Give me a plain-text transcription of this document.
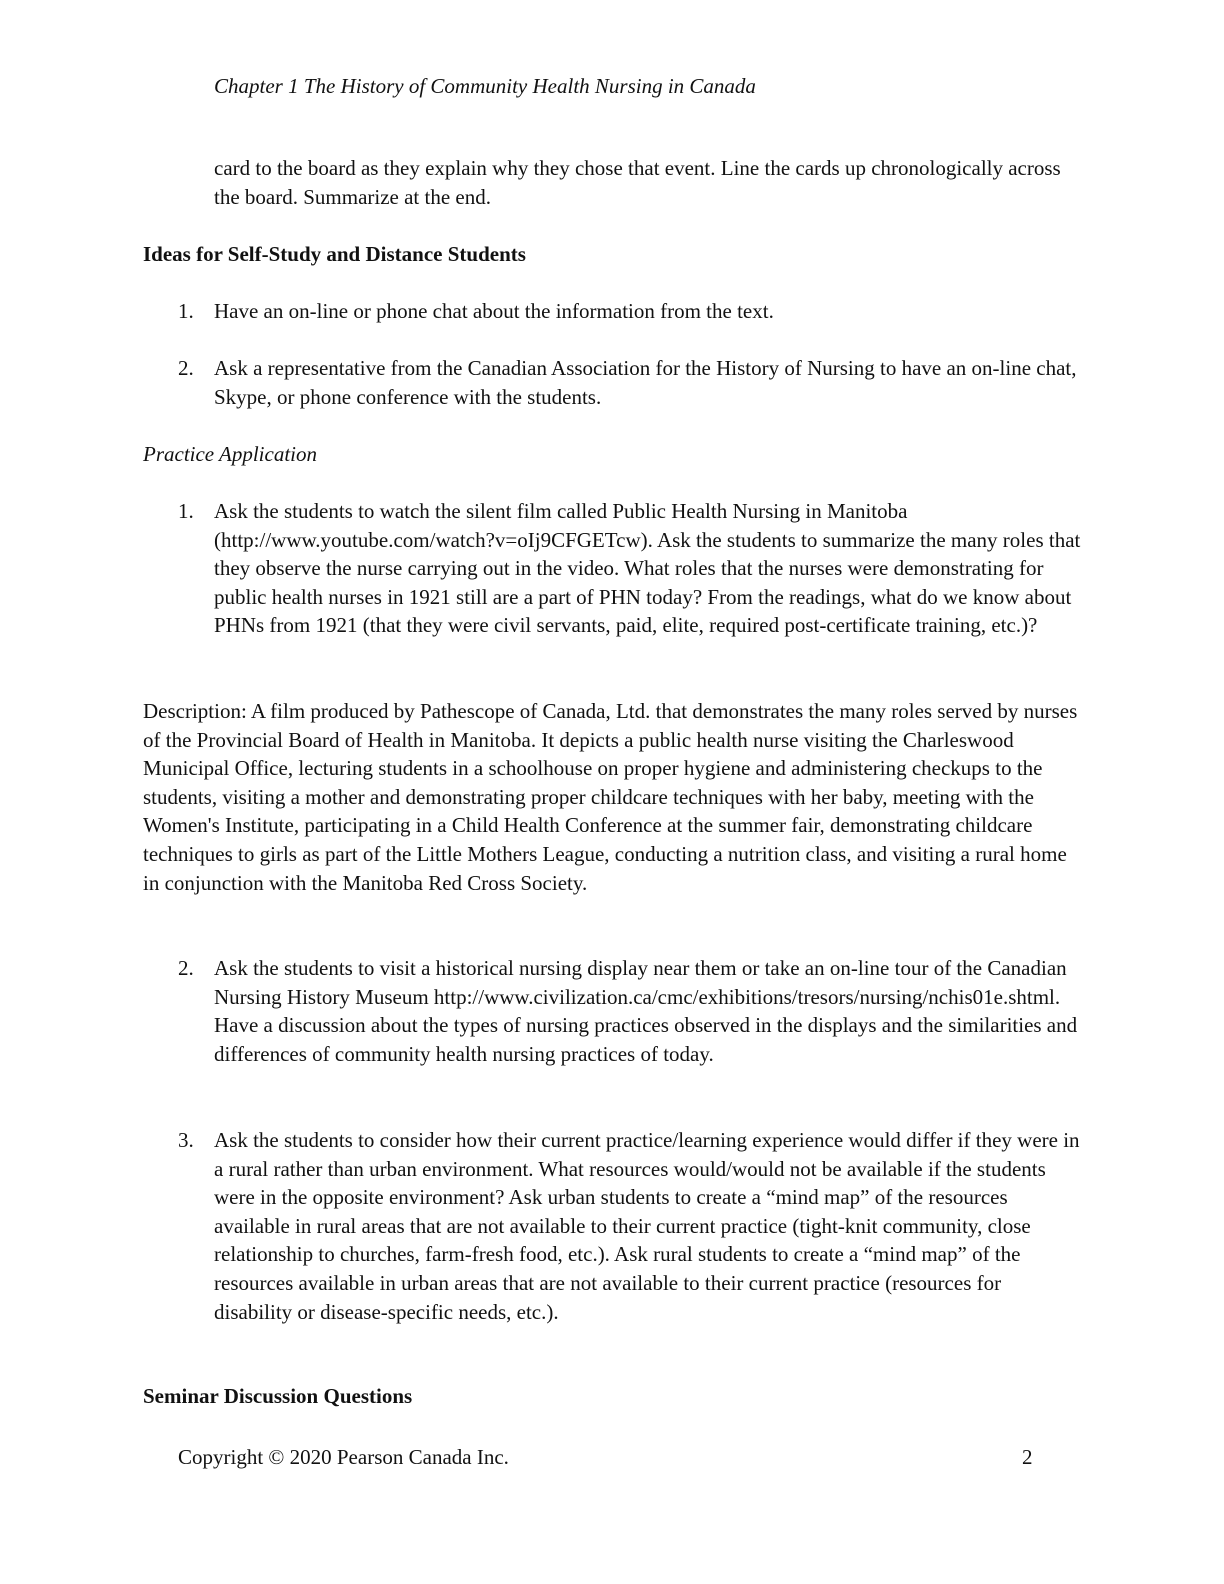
Chapter 1 The History of Community Health Nursing in Canada

card to the board as they explain why they chose that event. Line the cards up chronologically across the board. Summarize at the end.

Ideas for Self-Study and Distance Students
1. Have an on-line or phone chat about the information from the text.

2. Ask a representative from the Canadian Association for the History of Nursing to have an on-line chat, Skype, or phone conference with the students.

Practice Application
1. Ask the students to watch the silent film called Public Health Nursing in Manitoba (http://www.youtube.com/watch?v=oIj9CFGETcw). Ask the students to summarize the many roles that they observe the nurse carrying out in the video. What roles that the nurses were demonstrating for public health nurses in 1921 still are a part of PHN today? From the readings, what do we know about PHNs from 1921 (that they were civil servants, paid, elite, required post-certificate training, etc.)?

Description: A film produced by Pathescope of Canada, Ltd. that demonstrates the many roles served by nurses of the Provincial Board of Health in Manitoba. It depicts a public health nurse visiting the Charleswood Municipal Office, lecturing students in a schoolhouse on proper hygiene and administering checkups to the students, visiting a mother and demonstrating proper childcare techniques with her baby, meeting with the Women's Institute, participating in a Child Health Conference at the summer fair, demonstrating childcare techniques to girls as part of the Little Mothers League, conducting a nutrition class, and visiting a rural home in conjunction with the Manitoba Red Cross Society.

2. Ask the students to visit a historical nursing display near them or take an on-line tour of the Canadian Nursing History Museum http://www.civilization.ca/cmc/exhibitions/tresors/nursing/nchis01e.shtml. Have a discussion about the types of nursing practices observed in the displays and the similarities and differences of community health nursing practices of today.

3. Ask the students to consider how their current practice/learning experience would differ if they were in a rural rather than urban environment. What resources would/would not be available if the students were in the opposite environment? Ask urban students to create a “mind map” of the resources available in rural areas that are not available to their current practice (tight-knit community, close relationship to churches, farm-fresh food, etc.). Ask rural students to create a “mind map” of the resources available in urban areas that are not available to their current practice (resources for disability or disease-specific needs, etc.).

Seminar Discussion Questions
Copyright © 2020 Pearson Canada Inc.	2
